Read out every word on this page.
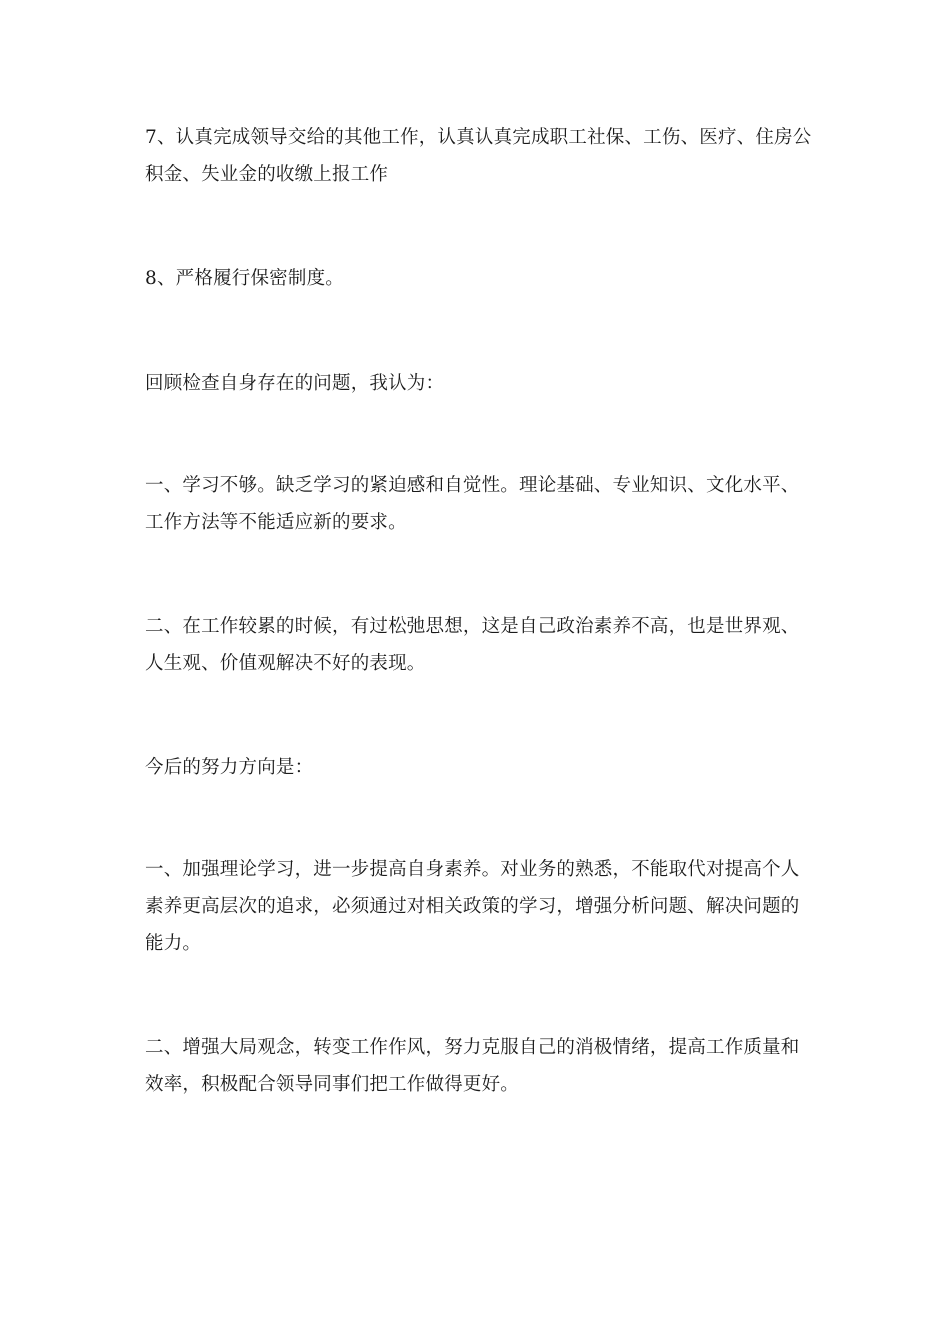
7、认真完成领导交给的其他工作，认真认真完成职工社保、工伤、医疗、住房公积金、失业金的收缴上报工作

8、严格履行保密制度。

回顾检查自身存在的问题，我认为：

一、学习不够。缺乏学习的紧迫感和自觉性。理论基础、专业知识、文化水平、工作方法等不能适应新的要求。

二、在工作较累的时候，有过松弛思想，这是自己政治素养不高，也是世界观、人生观、价值观解决不好的表现。

今后的努力方向是：

一、加强理论学习，进一步提高自身素养。对业务的熟悉，不能取代对提高个人素养更高层次的追求，必须通过对相关政策的学习，增强分析问题、解决问题的能力。

二、增强大局观念，转变工作作风，努力克服自己的消极情绪，提高工作质量和效率，积极配合领导同事们把工作做得更好。
